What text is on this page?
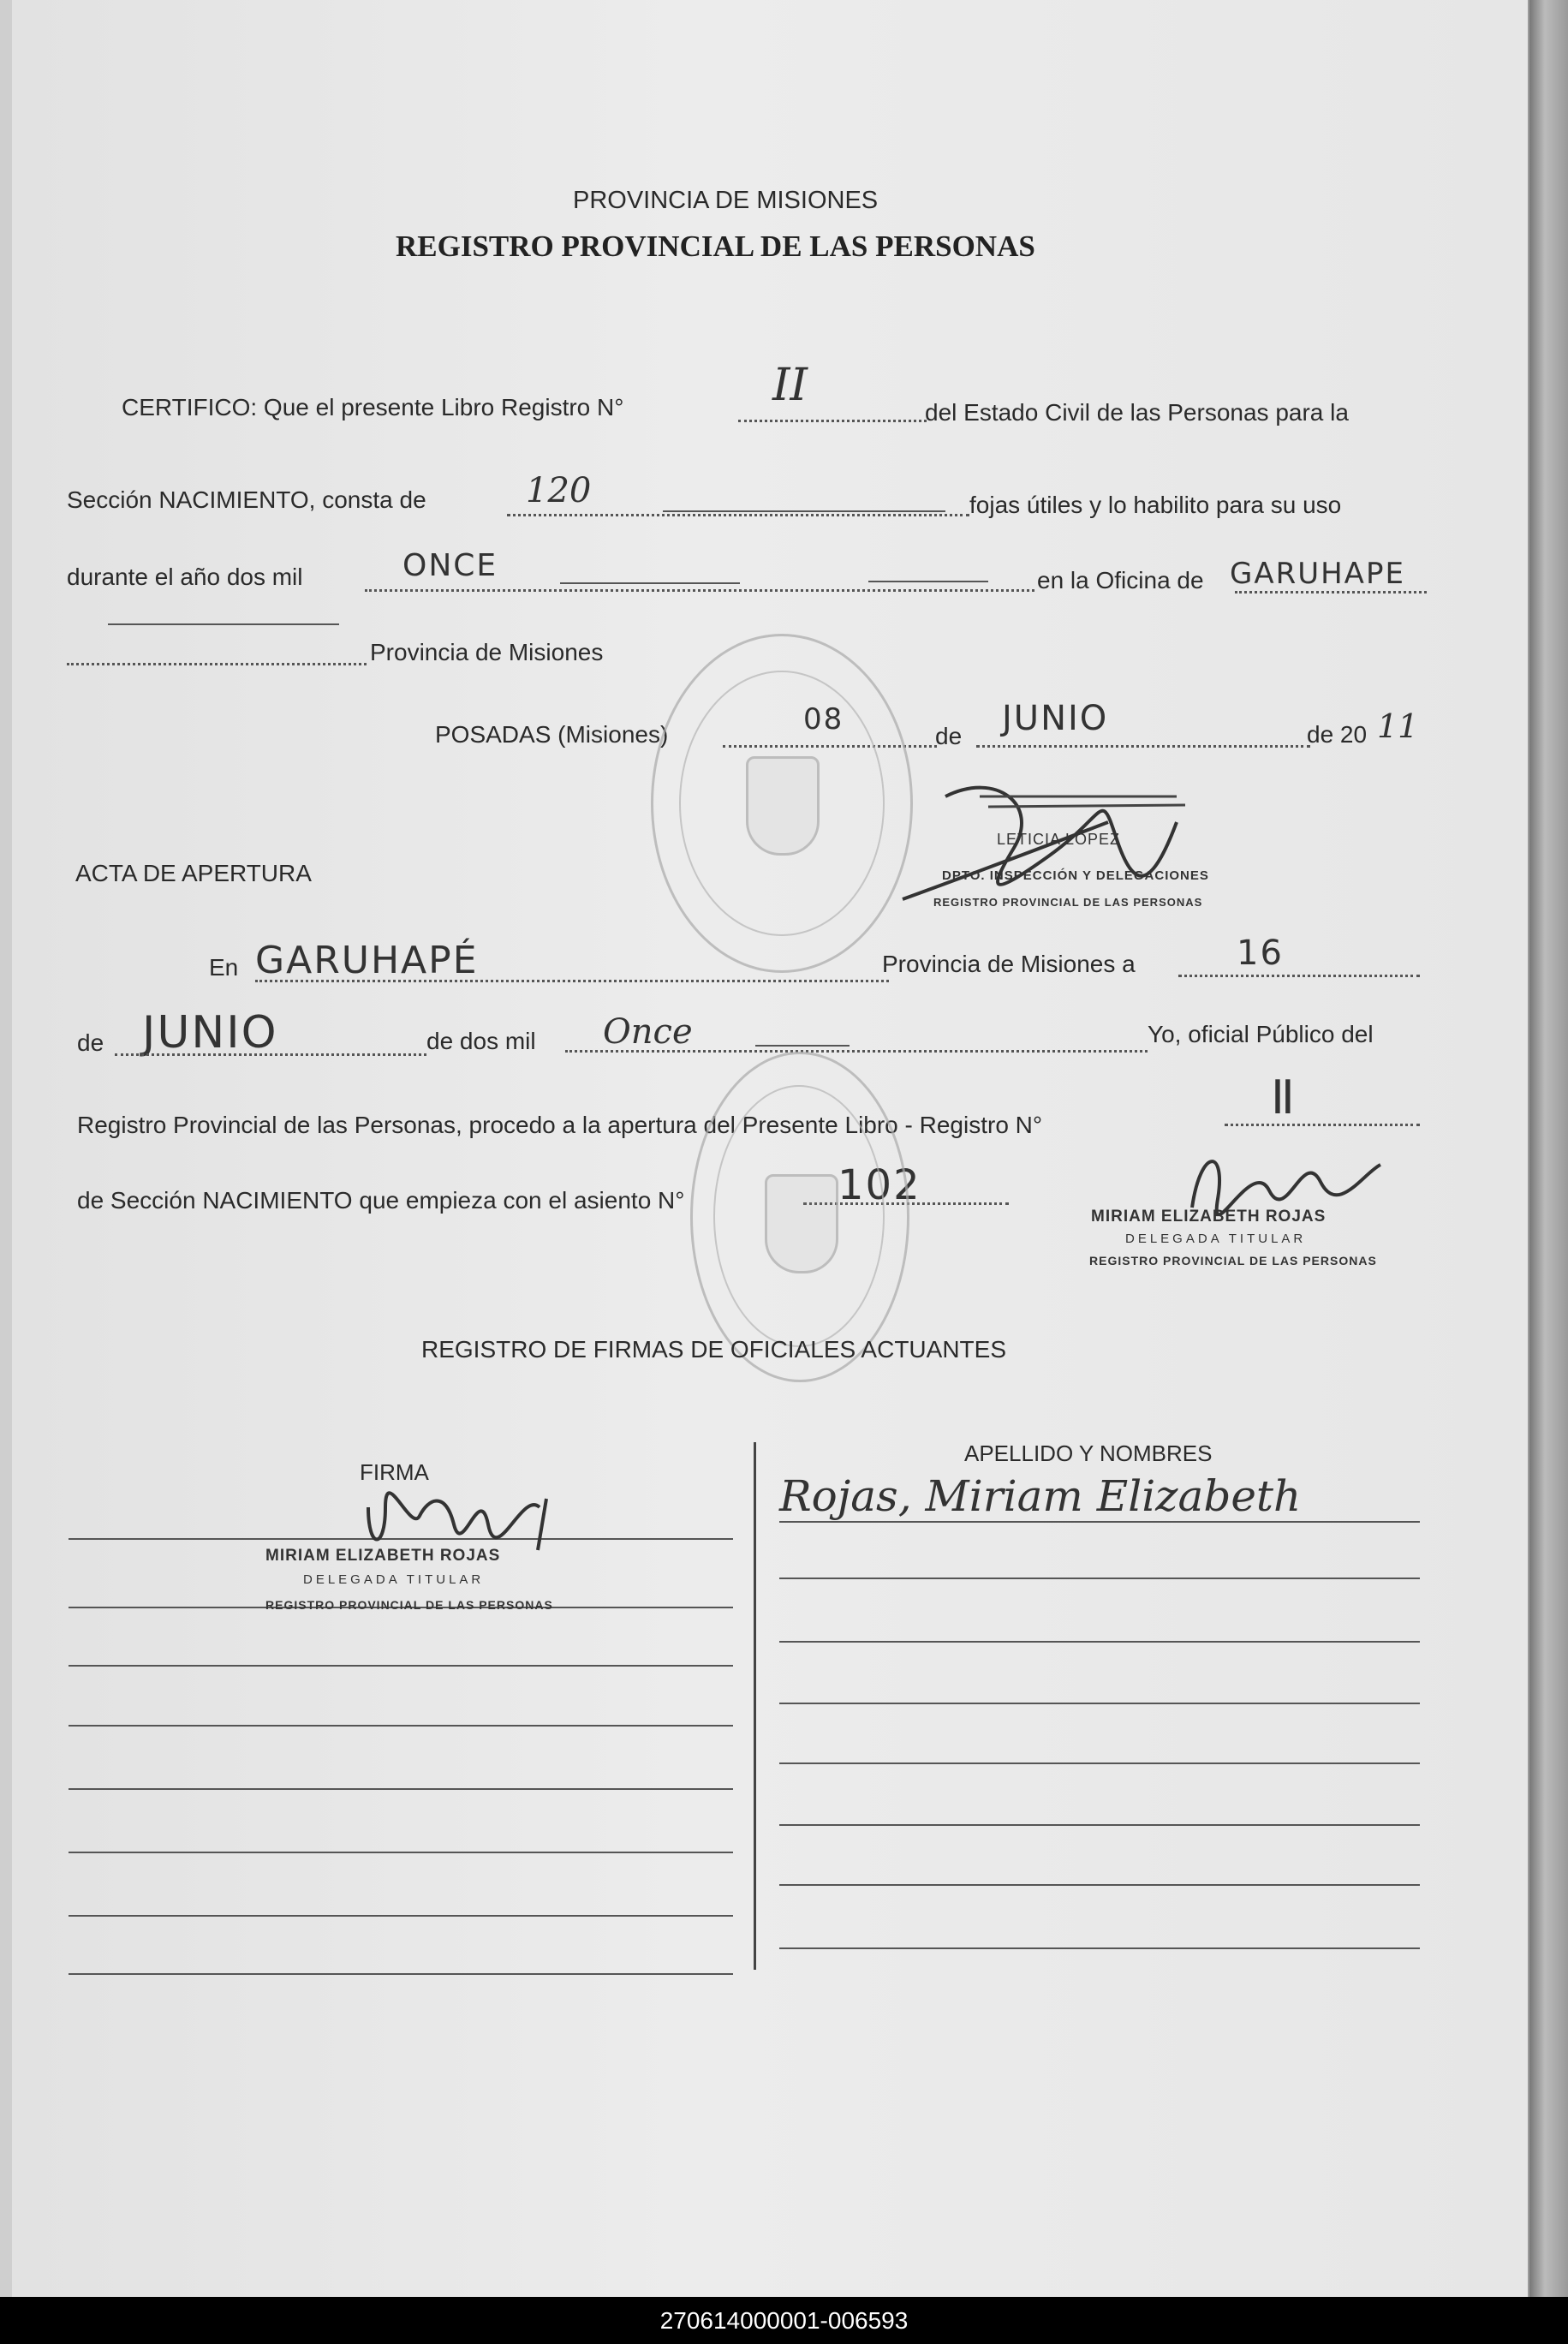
PROVINCIA DE MISIONES
REGISTRO PROVINCIAL DE LAS PERSONAS
CERTIFICO: Que el presente Libro Registro N°	II
del Estado Civil de las Personas para la
Sección NACIMIENTO, consta de	120	fojas útiles y lo habilito para su uso
durante el año dos mil	ONCE	en la Oficina de GARUHAPE
Provincia de Misiones
POSADAS (Misiones)	08	de JUNIO	de 20 11
LETICIA LÓPEZ
DPTO. INSPECCIÓN Y DELEGACIONES
REGISTRO PROVINCIAL DE LAS PERSONAS
ACTA DE APERTURA
En GARUHAPÉ	Provincia de Misiones a	16
de JUNIO	de dos mil Once	Yo, oficial Público del
Registro Provincial de las Personas, procedo a la apertura del Presente Libro - Registro N°
II
de Sección NACIMIENTO que empieza con el asiento N°	102
MIRIAM ELIZABETH ROJAS
DELEGADA TITULAR
REGISTRO PROVINCIAL DE LAS PERSONAS
REGISTRO DE FIRMAS DE OFICIALES ACTUANTES
FIRMA
APELLIDO Y NOMBRES
MIRIAM ELIZABETH ROJAS
DELEGADA TITULAR
REGISTRO PROVINCIAL DE LAS PERSONAS
Rojas, Miriam Elizabeth
270614000001-006593
